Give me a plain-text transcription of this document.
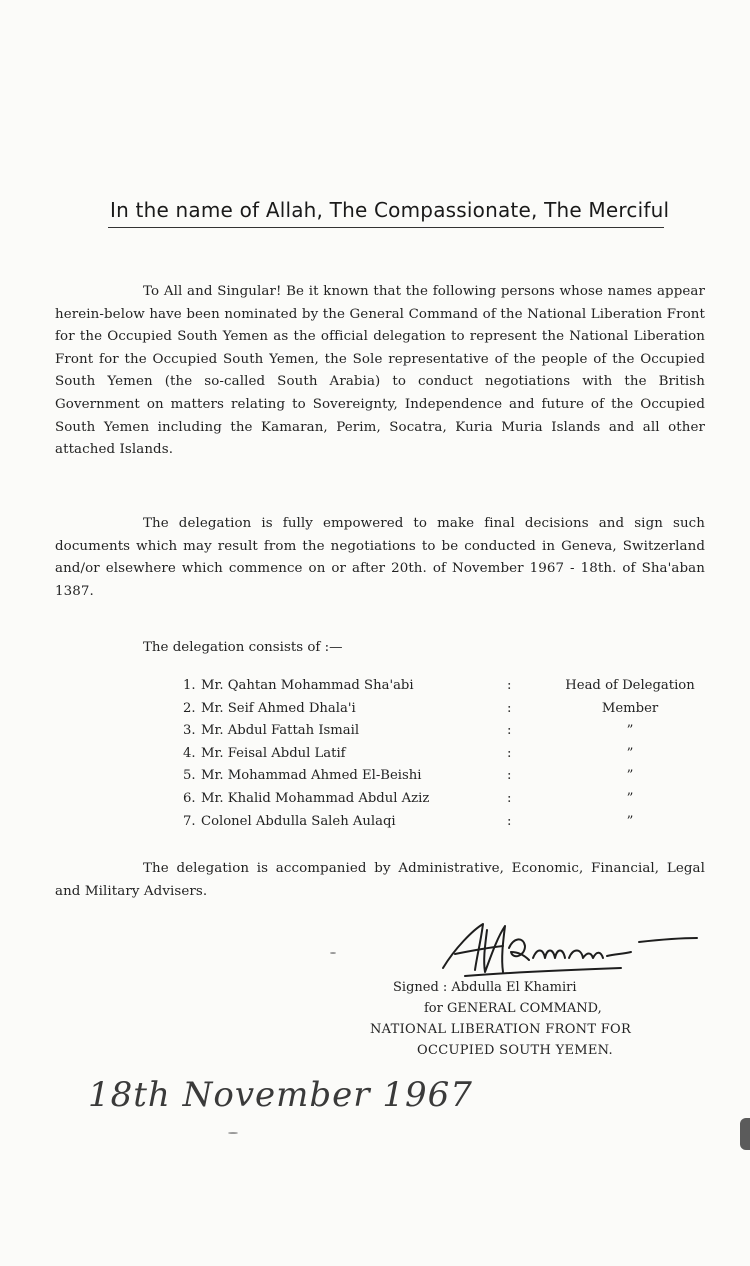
In the name of Allah, The Compassionate, The Merciful
To All and Singular! Be it known that the following persons whose names appear herein-below have been nominated by the General Command of the National Liberation Front for the Occupied South Yemen as the official delegation to represent the National Liberation Front for the Occupied South Yemen, the Sole representative of the people of the Occupied South Yemen (the so-called South Arabia) to conduct negotiations with the British Government on matters relating to Sovereignty, Independence and future of the Occupied South Yemen including the Kamaran, Perim, Socatra, Kuria Muria Islands and all other attached Islands.
The delegation is fully empowered to make final decisions and sign such documents which may result from the negotiations to be conducted in Geneva, Switzerland and/or elsewhere which commence on or after 20th. of November 1967 - 18th. of Sha'aban 1387.
The delegation consists of :—
1. Mr. Qahtan Mohammad Sha'abi	:	Head of Delegation
2. Mr. Seif Ahmed Dhala'i	:	Member
3. Mr. Abdul Fattah Ismail	:	”
4. Mr. Feisal Abdul Latif	:	”
5. Mr. Mohammad Ahmed El-Beishi	:	”
6. Mr. Khalid Mohammad Abdul Aziz	:	”
7. Colonel Abdulla Saleh Aulaqi	:	”
The delegation is accompanied by Administrative, Economic, Financial, Legal and Military Advisers.
Signed : Abdulla El Khamiri
for GENERAL COMMAND,
NATIONAL LIBERATION FRONT FOR
OCCUPIED SOUTH YEMEN.
18th November 1967
